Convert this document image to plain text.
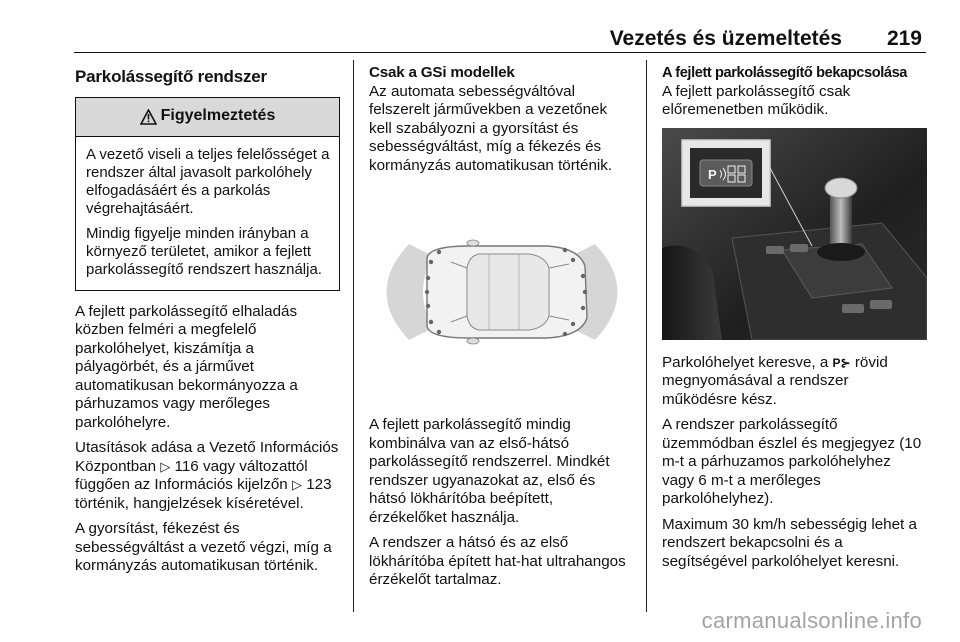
Vezetés és üzemeltetés 219
Parkolássegítő rendszer
Figyelmeztetés

A vezető viseli a teljes felelősséget a rendszer által javasolt parkolóhely elfogadásáért és a parkolás végrehajtásáért.

Mindig figyelje minden irányban a környező területet, amikor a fejlett parkolássegítő rendszert használja.

A fejlett parkolássegítő elhaladás közben felméri a megfelelő parkolóhelyet, kiszámítja a pályagörbét, és a járművet automatikusan bekormányozza a párhuzamos vagy merőleges parkolóhelyre.

Utasítások adása a Vezető Információs Központban ▷ 116 vagy változattól függően az Információs kijelzőn ▷ 123 történik, hangjelzések kíséretével.

A gyorsítást, fékezést és sebességváltást a vezető végzi, míg a kormányzás automatikusan történik.

Csak a GSi modellek

Az automata sebességváltóval felszerelt járművekben a vezetőnek kell szabályozni a gyorsítást és sebességváltást, míg a fékezés és kormányzás automatikusan történik.

A fejlett parkolássegítő mindig kombinálva van az első-hátsó parkolássegítő rendszerrel. Mindkét rendszer ugyanazokat az, első és hátsó lökhárítóba beépített, érzékelőket használja.

A rendszer a hátsó és az első lökhárítóba épített hat-hat ultrahangos érzékelőt tartalmaz.

A fejlett parkolássegítő bekapcsolása

A fejlett parkolássegítő csak előremenetben működik.

P

Parkolóhelyet keresve, a P⊱ rövid megnyomásával a rendszer működésre kész.

A rendszer parkolássegítő üzemmódban észlel és megjegyez (10 m-t a párhuzamos parkolóhelyhez vagy 6 m-t a merőleges parkolóhelyhez).

Maximum 30 km/h sebességig lehet a rendszert bekapcsolni és a segítségével parkolóhelyet keresni.

carmanualsonline.info
